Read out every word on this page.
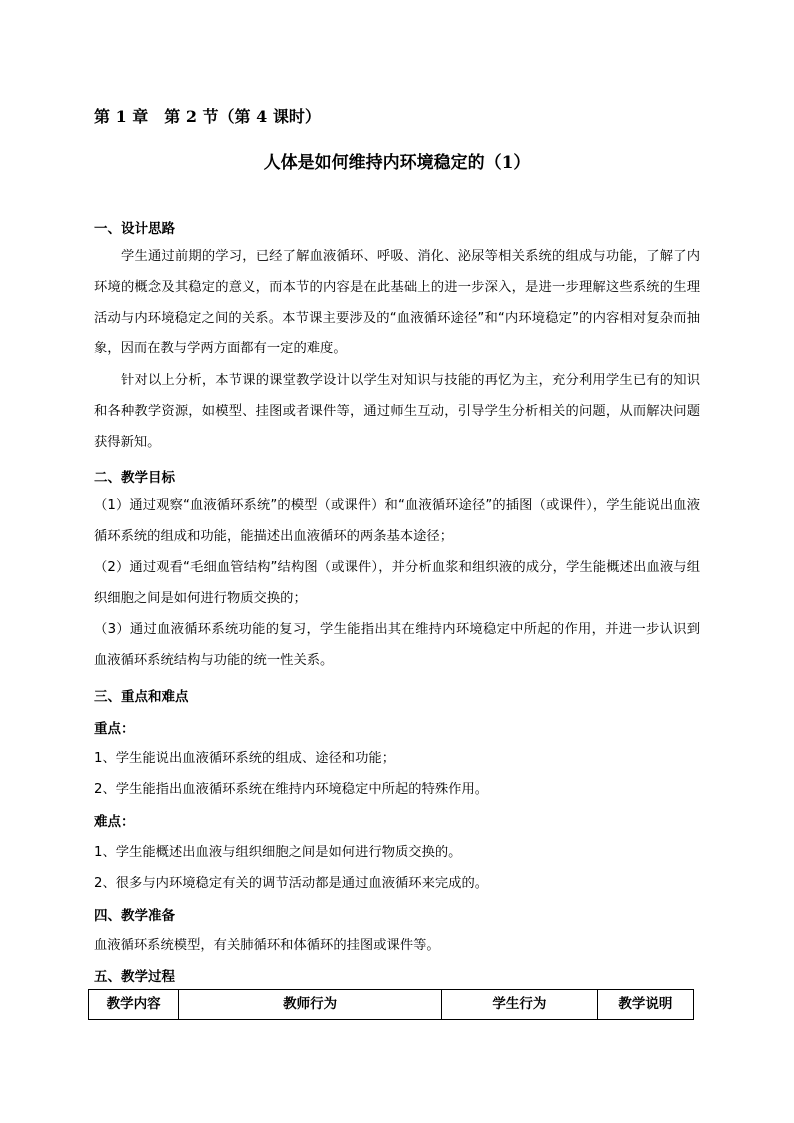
第 1 章　第 2 节（第 4 课时）
人体是如何维持内环境稳定的（1）
一、设计思路
学生通过前期的学习，已经了解血液循环、呼吸、消化、泌尿等相关系统的组成与功能，了解了内环境的概念及其稳定的意义，而本节的内容是在此基础上的进一步深入，是进一步理解这些系统的生理活动与内环境稳定之间的关系。本节课主要涉及的“血液循环途径”和“内环境稳定”的内容相对复杂而抽象，因而在教与学两方面都有一定的难度。
针对以上分析，本节课的课堂教学设计以学生对知识与技能的再忆为主，充分利用学生已有的知识和各种教学资源，如模型、挂图或者课件等，通过师生互动，引导学生分析相关的问题，从而解决问题获得新知。
二、教学目标
（1）通过观察“血液循环系统”的模型（或课件）和“血液循环途径”的插图（或课件），学生能说出血液循环系统的组成和功能，能描述出血液循环的两条基本途径；
（2）通过观看“毛细血管结构”结构图（或课件），并分析血浆和组织液的成分，学生能概述出血液与组织细胞之间是如何进行物质交换的；
（3）通过血液循环系统功能的复习，学生能指出其在维持内环境稳定中所起的作用，并进一步认识到血液循环系统结构与功能的统一性关系。
三、重点和难点
重点：
1、学生能说出血液循环系统的组成、途径和功能；
2、学生能指出血液循环系统在维持内环境稳定中所起的特殊作用。
难点：
1、学生能概述出血液与组织细胞之间是如何进行物质交换的。
2、很多与内环境稳定有关的调节活动都是通过血液循环来完成的。
四、教学准备
血液循环系统模型，有关肺循环和体循环的挂图或课件等。
五、教学过程
教学内容	教师行为	学生行为	教学说明
